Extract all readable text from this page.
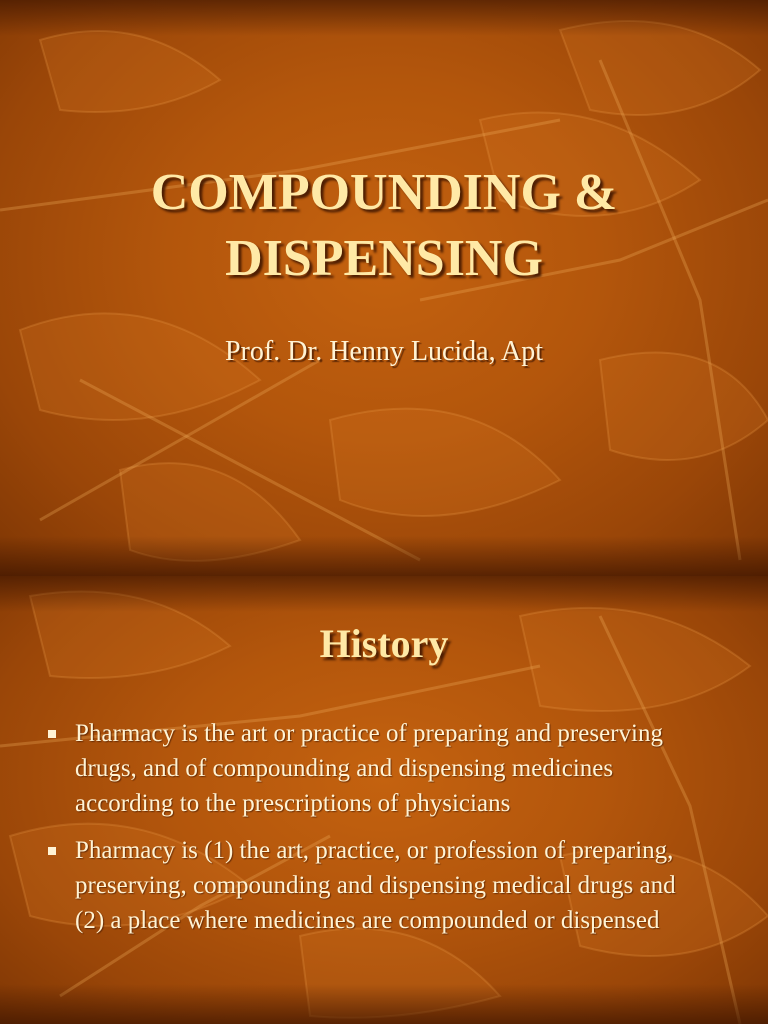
COMPOUNDING &
DISPENSING
Prof. Dr. Henny Lucida, Apt
History
Pharmacy is the art or practice of preparing and preserving drugs, and of compounding and dispensing medicines according to the prescriptions of physicians
Pharmacy is (1) the art, practice, or profession of preparing, preserving, compounding and dispensing medical drugs and (2) a place where medicines are compounded or dispensed
